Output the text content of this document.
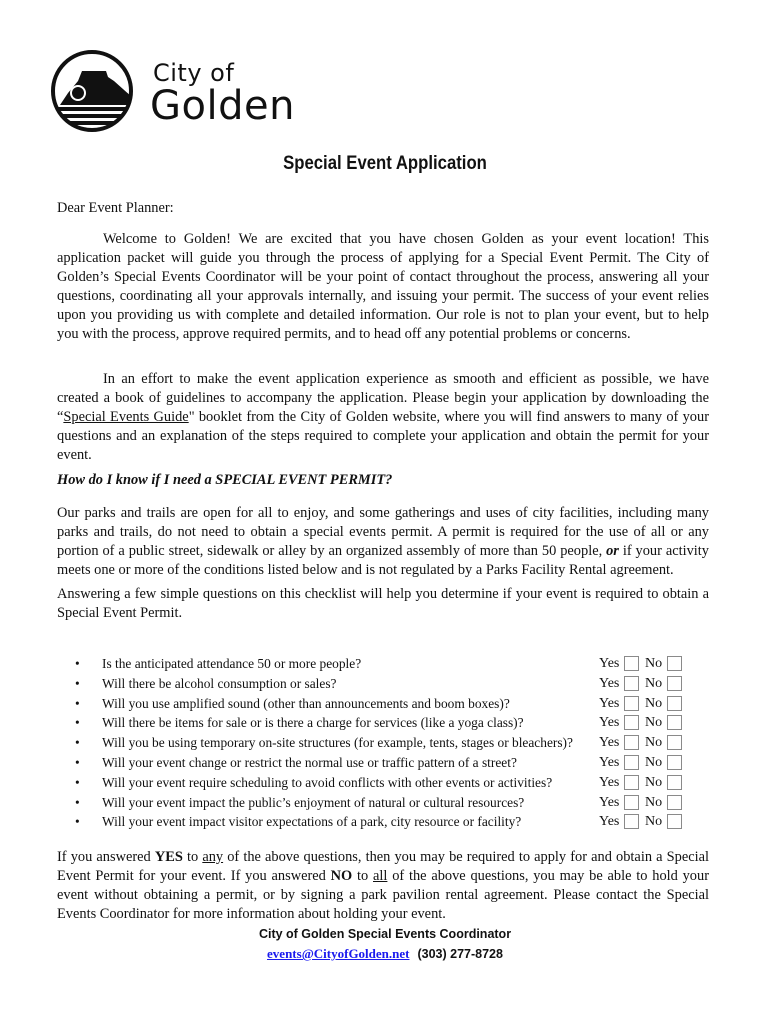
City of
Golden
Special Event Application
Dear Event Planner:
Welcome to Golden! We are excited that you have chosen Golden as your event location! This application packet will guide you through the process of applying for a Special Event Permit. The City of Golden’s Special Events Coordinator will be your point of contact throughout the process, answering all your questions, coordinating all your approvals internally, and issuing your permit. The success of your event relies upon you providing us with complete and detailed information. Our role is not to plan your event, but to help you with the process, approve required permits, and to head off any potential problems or concerns.
In an effort to make the event application experience as smooth and efficient as possible, we have created a book of guidelines to accompany the application. Please begin your application by downloading the “Special Events Guide" booklet from the City of Golden website, where you will find answers to many of your questions and an explanation of the steps required to complete your application and obtain the permit for your event.
How do I know if I need a SPECIAL EVENT PERMIT?
Our parks and trails are open for all to enjoy, and some gatherings and uses of city facilities, including many parks and trails, do not need to obtain a special events permit. A permit is required for the use of all or any portion of a public street, sidewalk or alley by an organized assembly of more than 50 people, or if your activity meets one or more of the conditions listed below and is not regulated by a Parks Facility Rental agreement.
Answering a few simple questions on this checklist will help you determine if your event is required to obtain a Special Event Permit.
• Is the anticipated attendance 50 or more people?	Yes No
• Will there be alcohol consumption or sales?	Yes No
• Will you use amplified sound (other than announcements and boom boxes)?	Yes No
• Will there be items for sale or is there a charge for services (like a yoga class)?	Yes No
• Will you be using temporary on-site structures (for example, tents, stages or bleachers)? Yes No
• Will your event change or restrict the normal use or traffic pattern of a street?	Yes No
• Will your event require scheduling to avoid conflicts with other events or activities?	Yes No
• Will your event impact the public’s enjoyment of natural or cultural resources?	Yes No
• Will your event impact visitor expectations of a park, city resource or facility?	Yes No
If you answered YES to any of the above questions, then you may be required to apply for and obtain a Special Event Permit for your event. If you answered NO to all of the above questions, you may be able to hold your event without obtaining a permit, or by signing a park pavilion rental agreement. Please contact the Special Events Coordinator for more information about holding your event.
City of Golden Special Events Coordinator
events@CityofGolden.net (303) 277-8728
